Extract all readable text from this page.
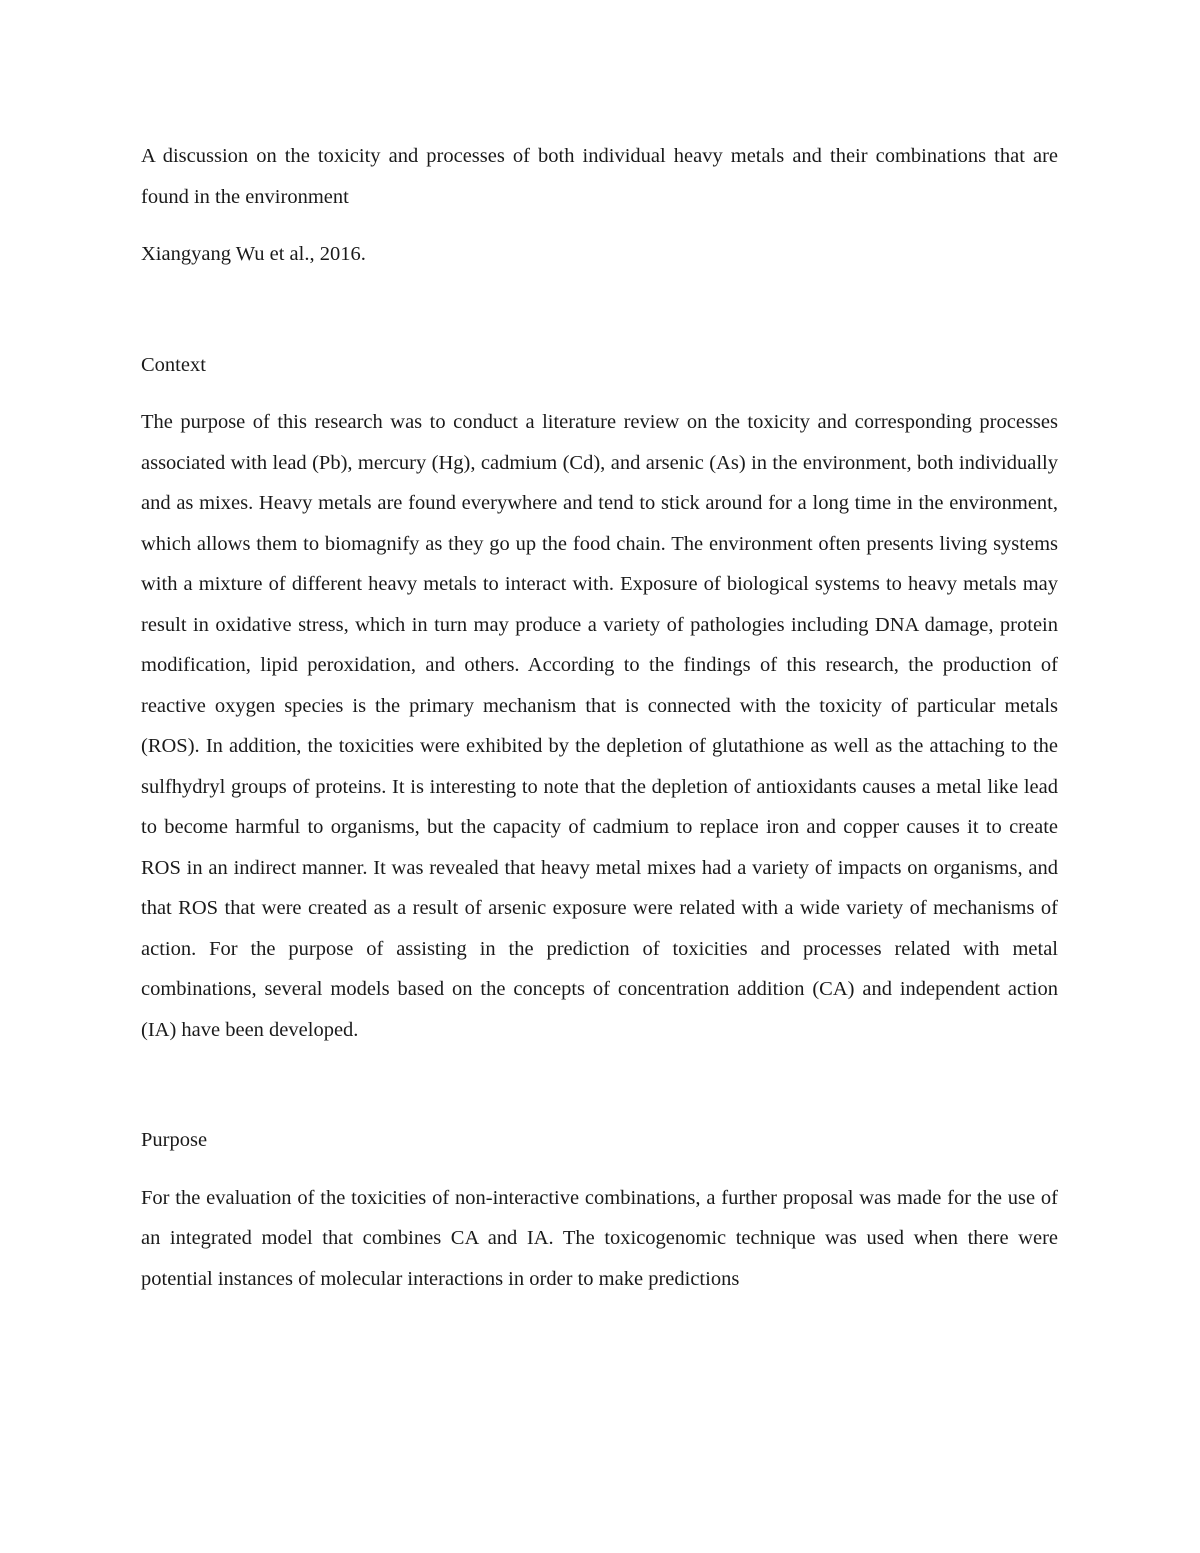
A discussion on the toxicity and processes of both individual heavy metals and their combinations that are found in the environment

Xiangyang Wu et al., 2016.

Context

The purpose of this research was to conduct a literature review on the toxicity and corresponding processes associated with lead (Pb), mercury (Hg), cadmium (Cd), and arsenic (As) in the environment, both individually and as mixes. Heavy metals are found everywhere and tend to stick around for a long time in the environment, which allows them to biomagnify as they go up the food chain. The environment often presents living systems with a mixture of different heavy metals to interact with. Exposure of biological systems to heavy metals may result in oxidative stress, which in turn may produce a variety of pathologies including DNA damage, protein modification, lipid peroxidation, and others. According to the findings of this research, the production of reactive oxygen species is the primary mechanism that is connected with the toxicity of particular metals (ROS). In addition, the toxicities were exhibited by the depletion of glutathione as well as the attaching to the sulfhydryl groups of proteins. It is interesting to note that the depletion of antioxidants causes a metal like lead to become harmful to organisms, but the capacity of cadmium to replace iron and copper causes it to create ROS in an indirect manner. It was revealed that heavy metal mixes had a variety of impacts on organisms, and that ROS that were created as a result of arsenic exposure were related with a wide variety of mechanisms of action. For the purpose of assisting in the prediction of toxicities and processes related with metal combinations, several models based on the concepts of concentration addition (CA) and independent action (IA) have been developed.

Purpose

For the evaluation of the toxicities of non-interactive combinations, a further proposal was made for the use of an integrated model that combines CA and IA. The toxicogenomic technique was used when there were potential instances of molecular interactions in order to make predictions
